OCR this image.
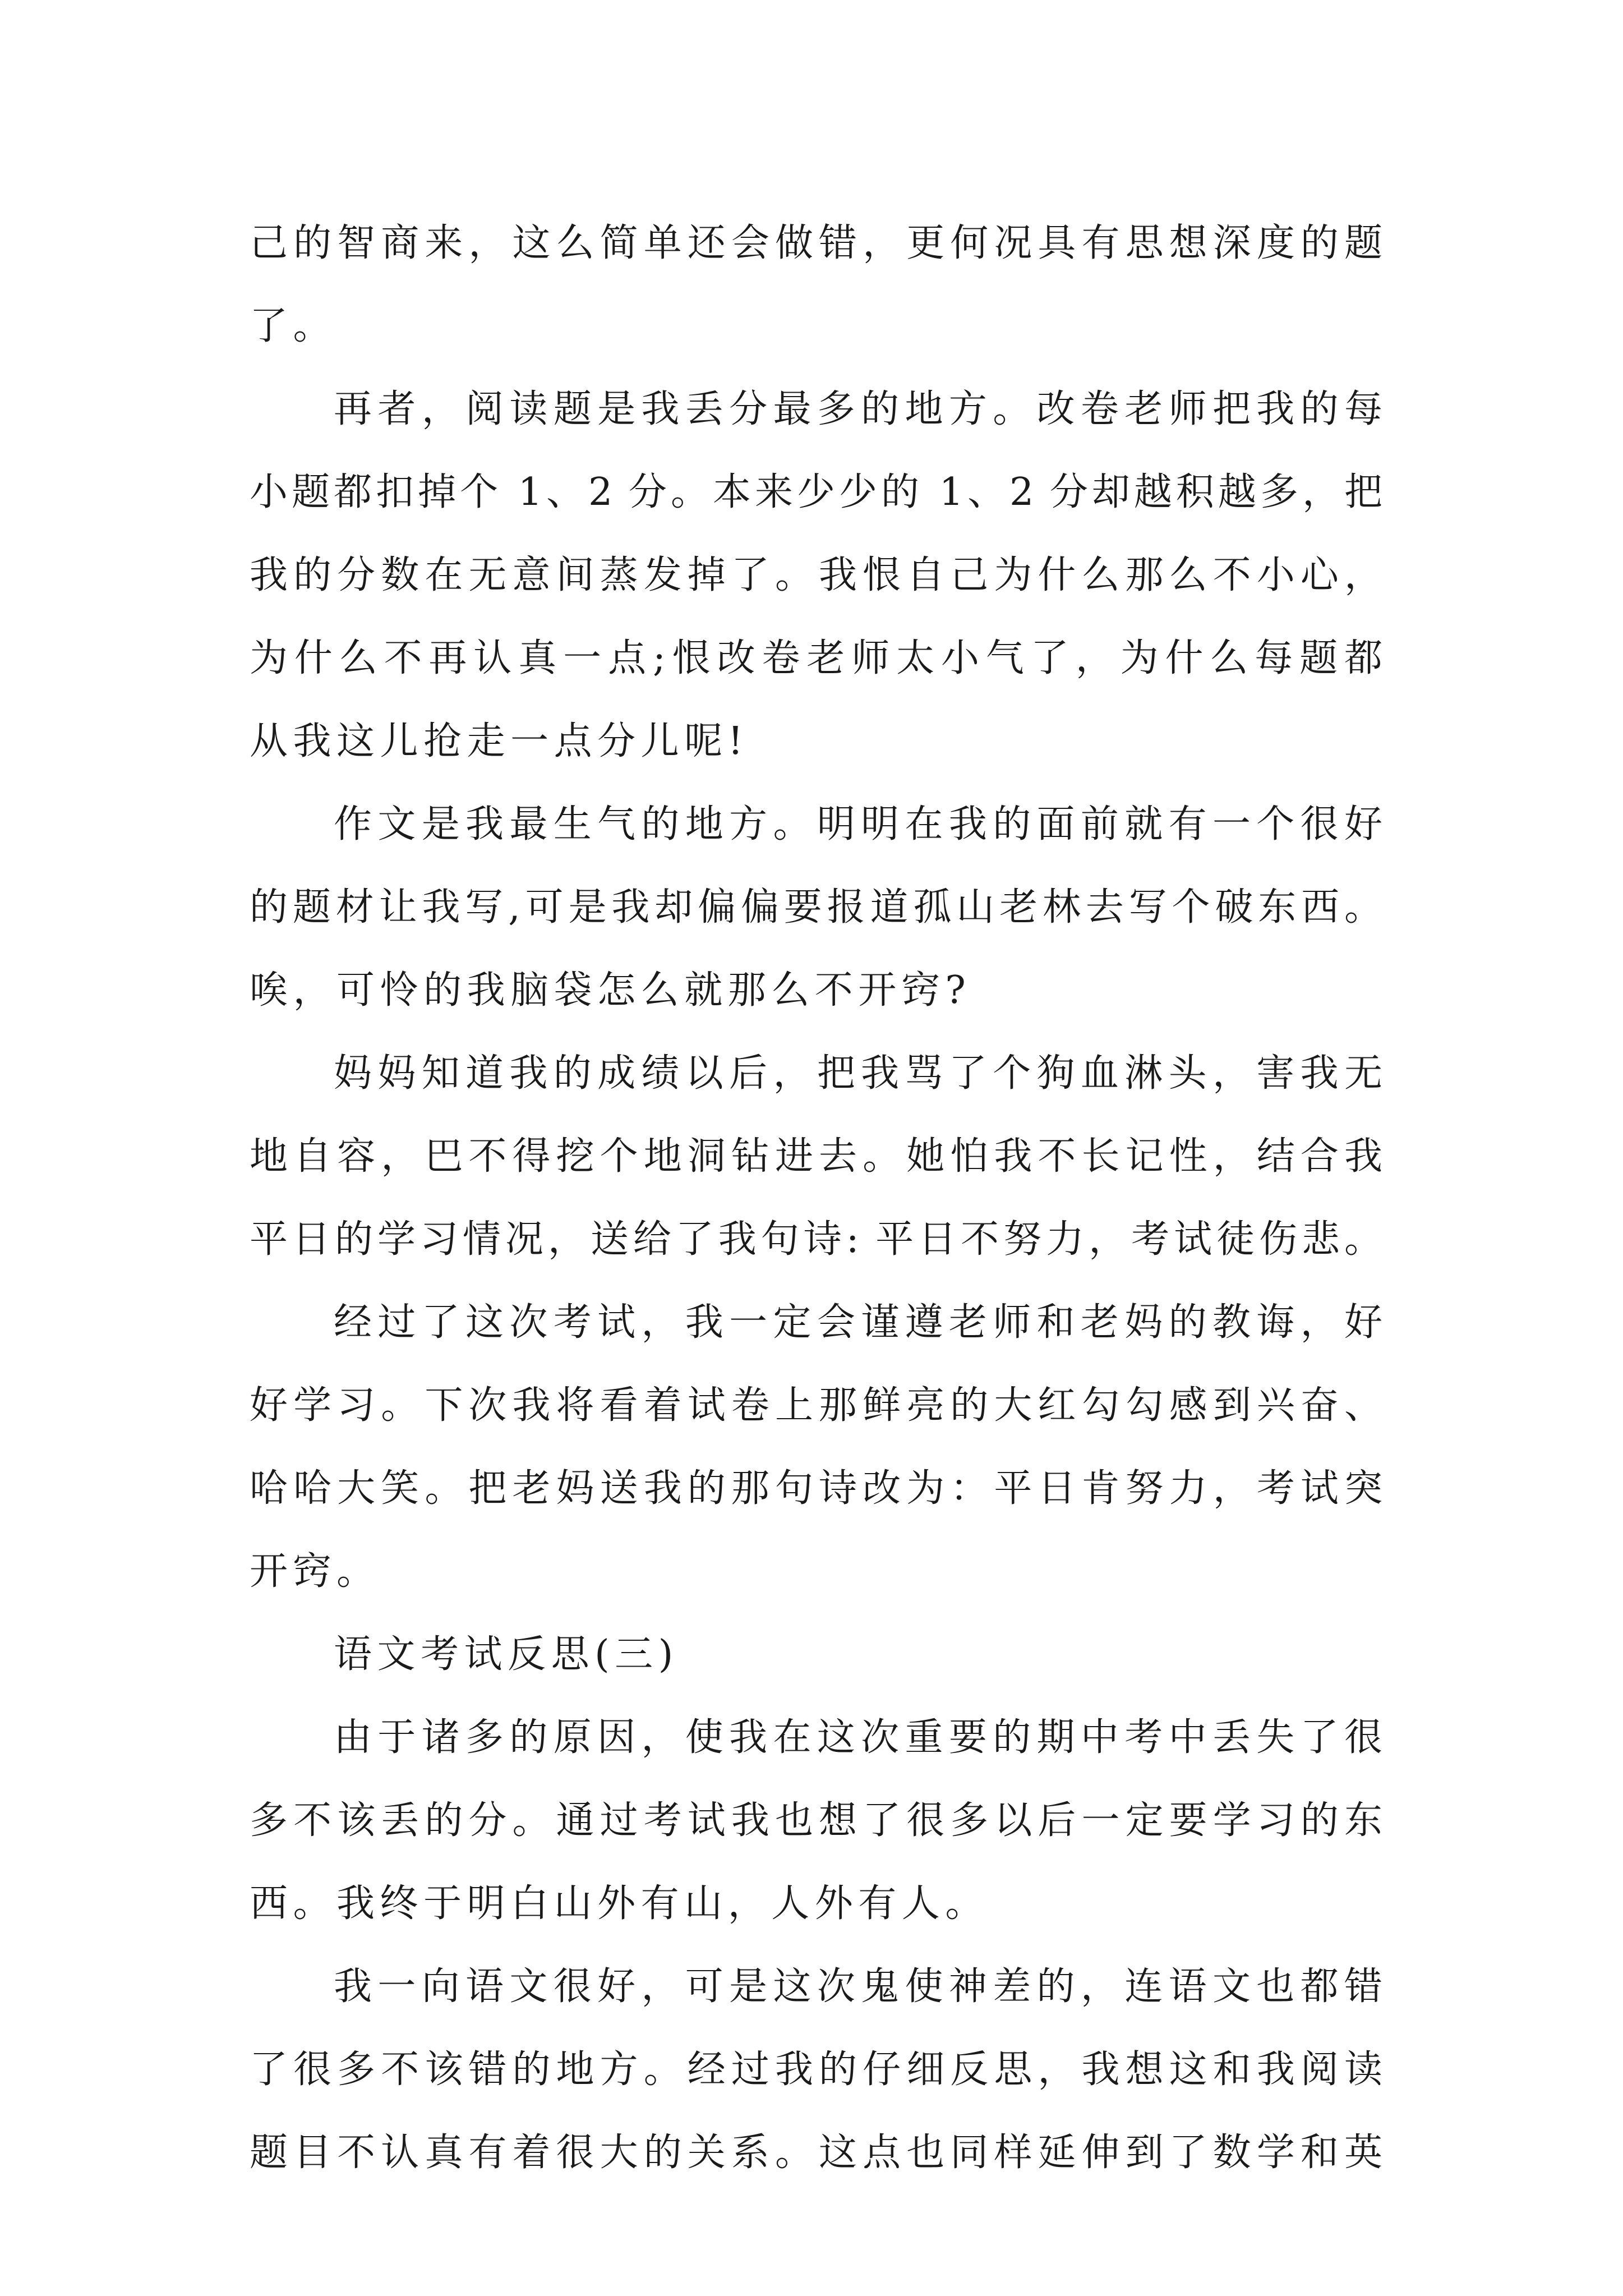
己的智商来，这么简单还会做错，更何况具有思想深度的题

了。

再者，阅读题是我丢分最多的地方。改卷老师把我的每

小题都扣掉个 1、2 分。本来少少的 1、2 分却越积越多，把

我的分数在无意间蒸发掉了。我恨自己为什么那么不小心，

为什么不再认真一点;恨改卷老师太小气了，为什么每题都

从我这儿抢走一点分儿呢!

作文是我最生气的地方。明明在我的面前就有一个很好

的题材让我写,可是我却偏偏要报道孤山老林去写个破东西。

唉，可怜的我脑袋怎么就那么不开窍?

妈妈知道我的成绩以后，把我骂了个狗血淋头，害我无

地自容，巴不得挖个地洞钻进去。她怕我不长记性，结合我

平日的学习情况，送给了我句诗: 平日不努力，考试徒伤悲。

经过了这次考试，我一定会谨遵老师和老妈的教诲，好

好学习。下次我将看着试卷上那鲜亮的大红勾勾感到兴奋、

哈哈大笑。把老妈送我的那句诗改为：平日肯努力，考试突

开窍。

语文考试反思(三)

由于诸多的原因，使我在这次重要的期中考中丢失了很

多不该丢的分。通过考试我也想了很多以后一定要学习的东

西。我终于明白山外有山，人外有人。

我一向语文很好，可是这次鬼使神差的，连语文也都错

了很多不该错的地方。经过我的仔细反思，我想这和我阅读

题目不认真有着很大的关系。这点也同样延伸到了数学和英
